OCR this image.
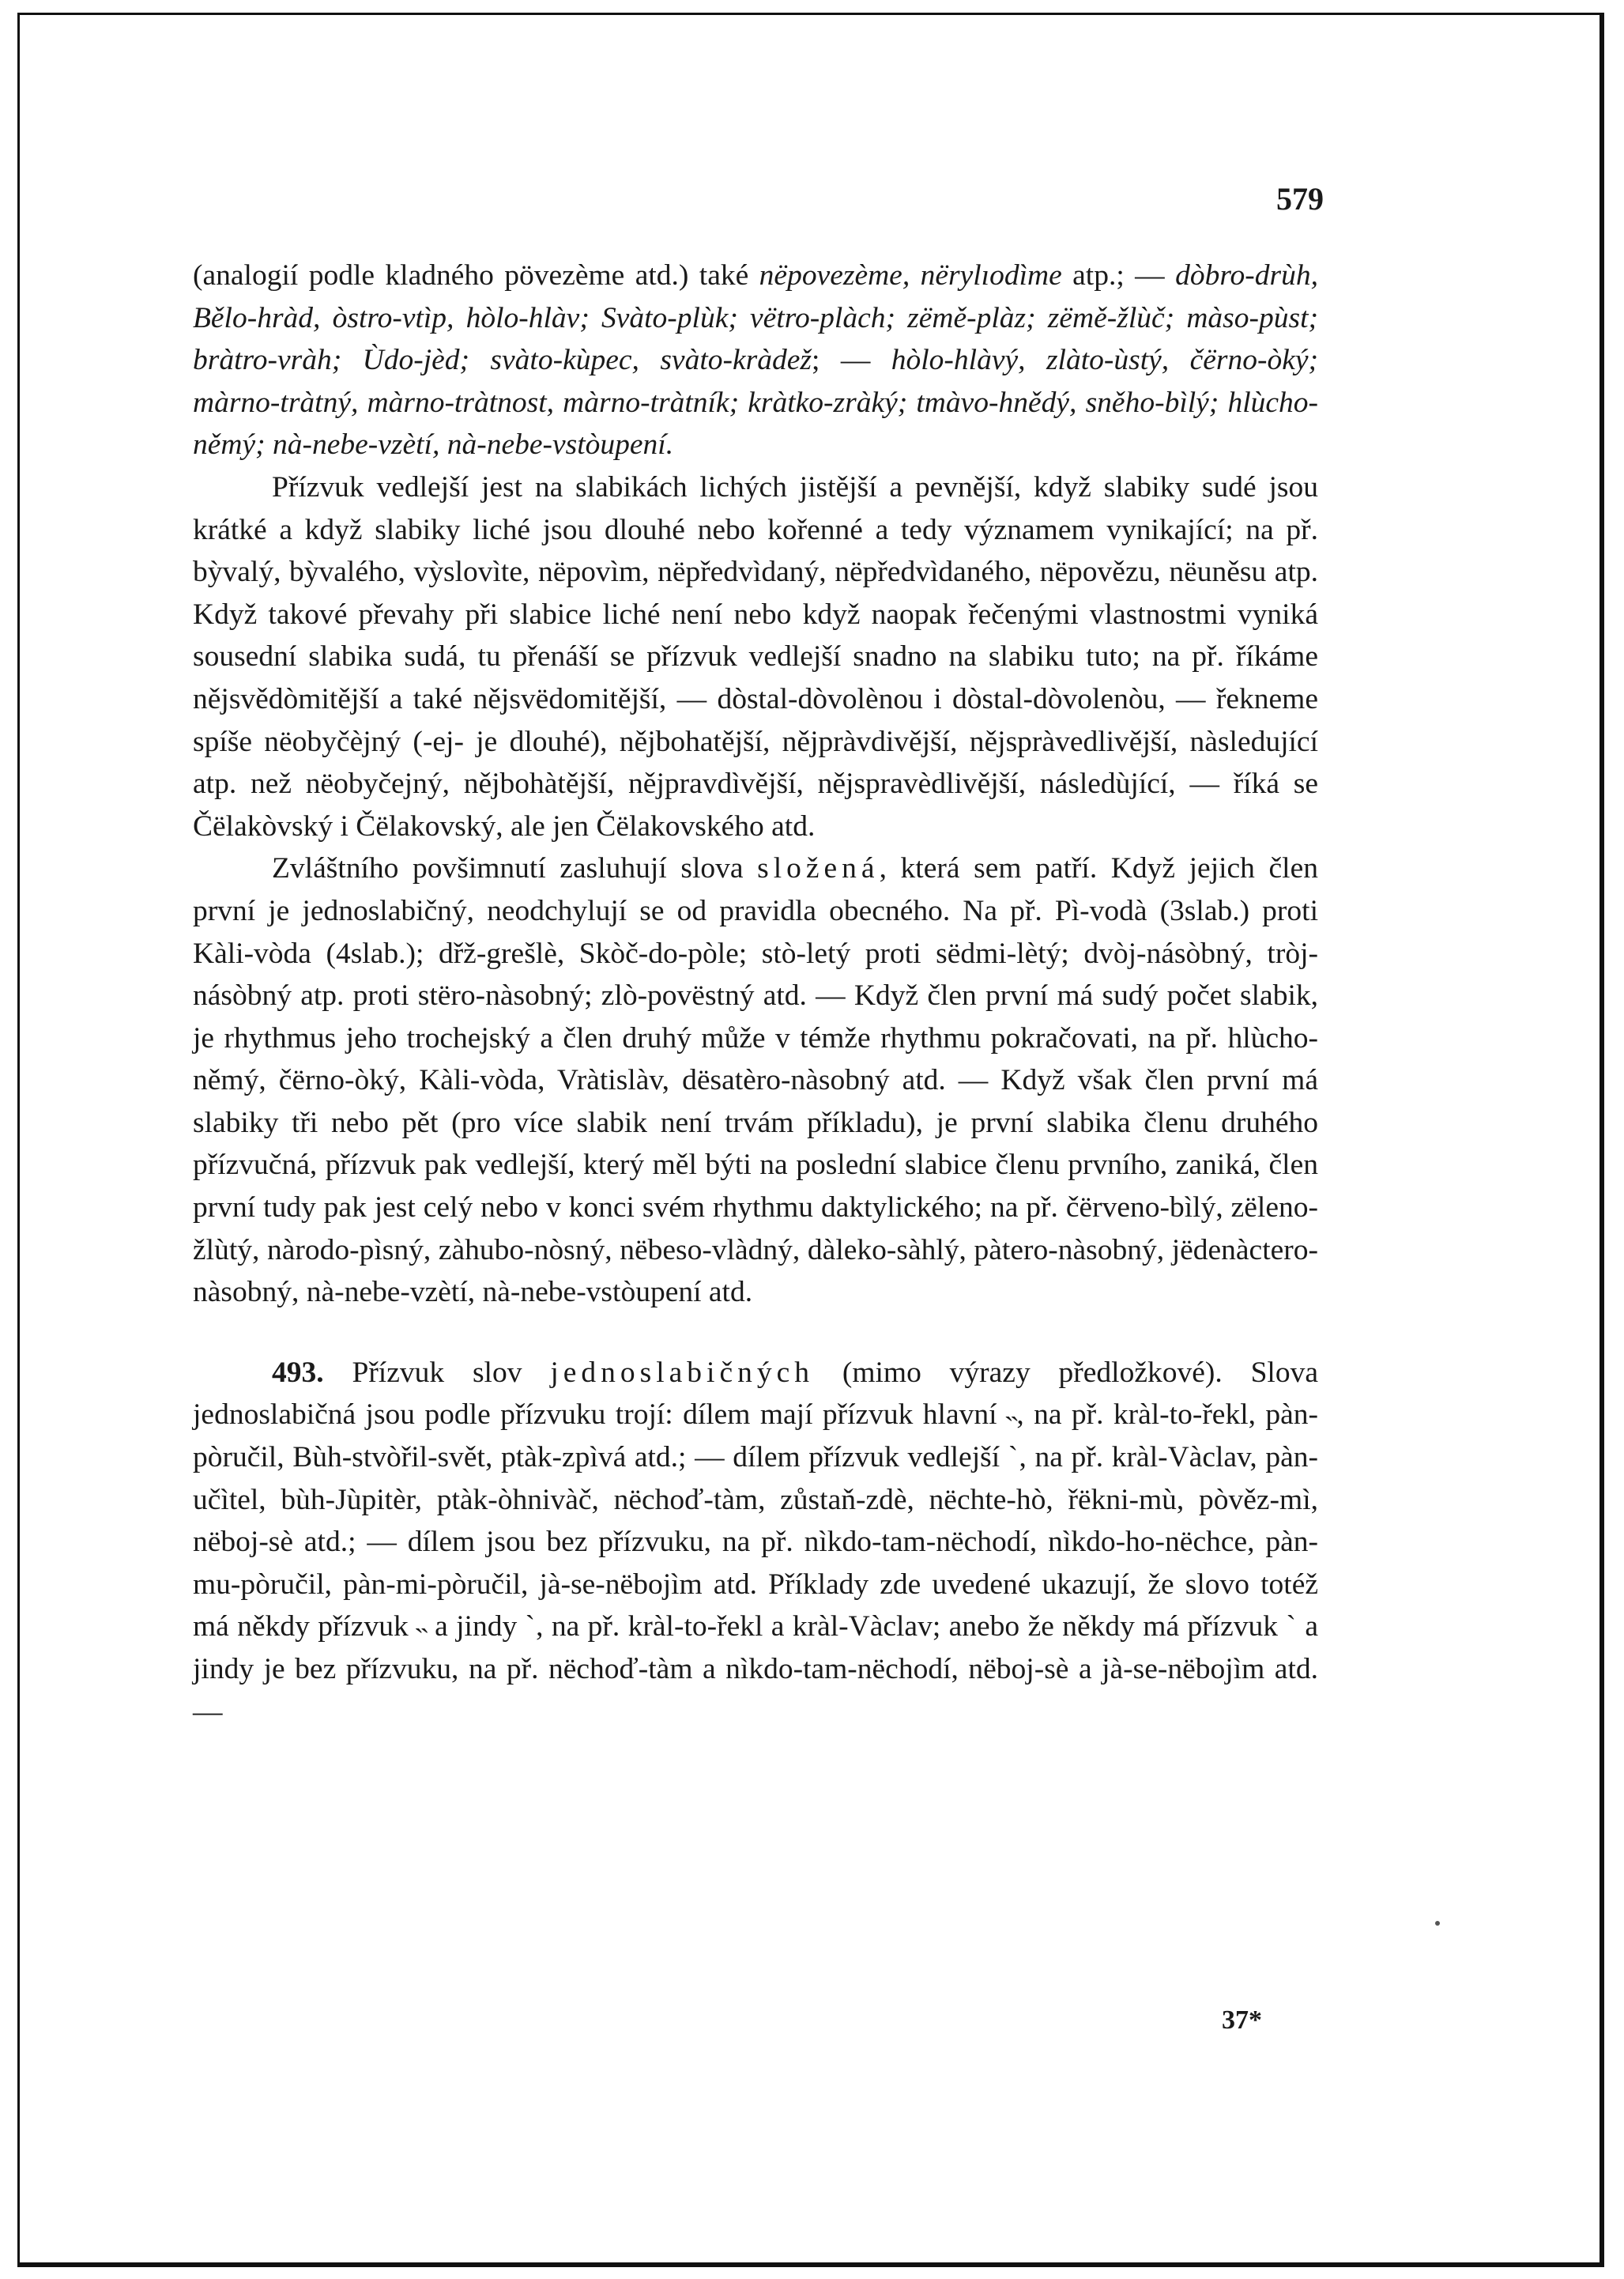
579

(analogií podle kladného pövezème atd.) také nëpovezème, nërylıodìme atp.; — dòbro-drùh, Bělo-hràd, òstro-vtìp, hòlo-hlàv; Svàto-plùk; vëtro-plàch; zëmě-plàz; zëmě-žlùč; màso-pùst; bràtro-vràh; Ùdo-jèd; svàto-kùpec, svàto-kràdež; — hòlo-hlàvý, zlàto-ùstý, čërno-òký; màrno-tràtný, màrno-tràtnost, màrno-tràtník; kràtko-zràký; tmàvo-hnědý, sněho-bìlý; hlùcho-němý; nà-nebe-vzètí, nà-nebe-vstòupení.

Přízvuk vedlejší jest na slabikách lichých jistější a pevnější, když slabiky sudé jsou krátké a když slabiky liché jsou dlouhé nebo kořenné a tedy významem vynikající; na př. bỳvalý, bỳvalého, vỳslovìte, nëpovìm, nëpředvìdaný, nëpředvìdaného, nëpovězu, nëuněsu atp. Když takové převahy při slabice liché není nebo když naopak řečenými vlastnostmi vyniká sousední slabika sudá, tu přenáší se přízvuk vedlejší snadno na slabiku tuto; na př. říkáme nějsvědòmitější a také nějsvëdomitější, — dòstal-dòvolènou i dòstal-dòvolenòu, — řekneme spíše nëobyčèjný (-ej- je dlouhé), nějbohatější, nějpràvdivější, nějspràvedlivější, nàsledující atp. než nëobyčejný, nějbohàtější, nějpravdìvější, nějspravèdlivější, následùjící, — říká se Čëlakòvský i Čëlakovský, ale jen Čëlakovského atd.

Zvláštního povšimnutí zasluhují slova složená, která sem patří. Když jejich člen první je jednoslabičný, neodchylují se od pravidla obecného. Na př. Pì-vodà (3slab.) proti Kàli-vòda (4slab.); dřž-grešlè, Skòč-do-pòle; stò-letý proti sëdmi-lètý; dvòj-násòbný, tròj-násòbný atp. proti stëro-nàsobný; zlò-povëstný atd. — Když člen první má sudý počet slabik, je rhythmus jeho trochejský a člen druhý může v témže rhythmu pokračovati, na př. hlùcho-němý, čërno-òký, Kàli-vòda, Vràtislàv, dësatèro-nàsobný atd. — Když však člen první má slabiky tři nebo pět (pro více slabik není trvám příkladu), je první slabika členu druhého přízvučná, přízvuk pak vedlejší, který měl býti na poslední slabice členu prvního, zaniká, člen první tudy pak jest celý nebo v konci svém rhythmu daktylického; na př. čërveno-bìlý, zëleno-žlùtý, nàrodo-pìsný, zàhubo-nòsný, nëbeso-vlàdný, dàleko-sàhlý, pàtero-nàsobný, jëdenàctero-nàsobný, nà-nebe-vzètí, nà-nebe-vstòupení atd.

493. Přízvuk slov jednoslabičných (mimo výrazy předložkové). Slova jednoslabičná jsou podle přízvuku trojí: dílem mají přízvuk hlavní ˵, na př. kràl-to-řekl, pàn-pòručil, Bùh-stvòřil-svět, ptàk-zpìvá atd.; — dílem přízvuk vedlejší ˋ, na př. kràl-Vàclav, pàn-učìtel, bùh-Jùpitèr, ptàk-òhnivàč, nëchoď-tàm, zůstaň-zdè, nëchte-hò, řëkni-mù, pòvěz-mì, nëboj-sè atd.; — dílem jsou bez přízvuku, na př. nìkdo-tam-nëchodí, nìkdo-ho-nëchce, pàn-mu-pòručil, pàn-mi-pòručil, jà-se-nëbojìm atd. Příklady zde uvedené ukazují, že slovo totéž má někdy přízvuk ˵ a jindy ˋ, na př. kràl-to-řekl a kràl-Vàclav; anebo že někdy má přízvuk ˋ a jindy je bez přízvuku, na př. nëchoď-tàm a nìkdo-tam-nëchodí, nëboj-sè a jà-se-nëbojìm atd. —

37*
